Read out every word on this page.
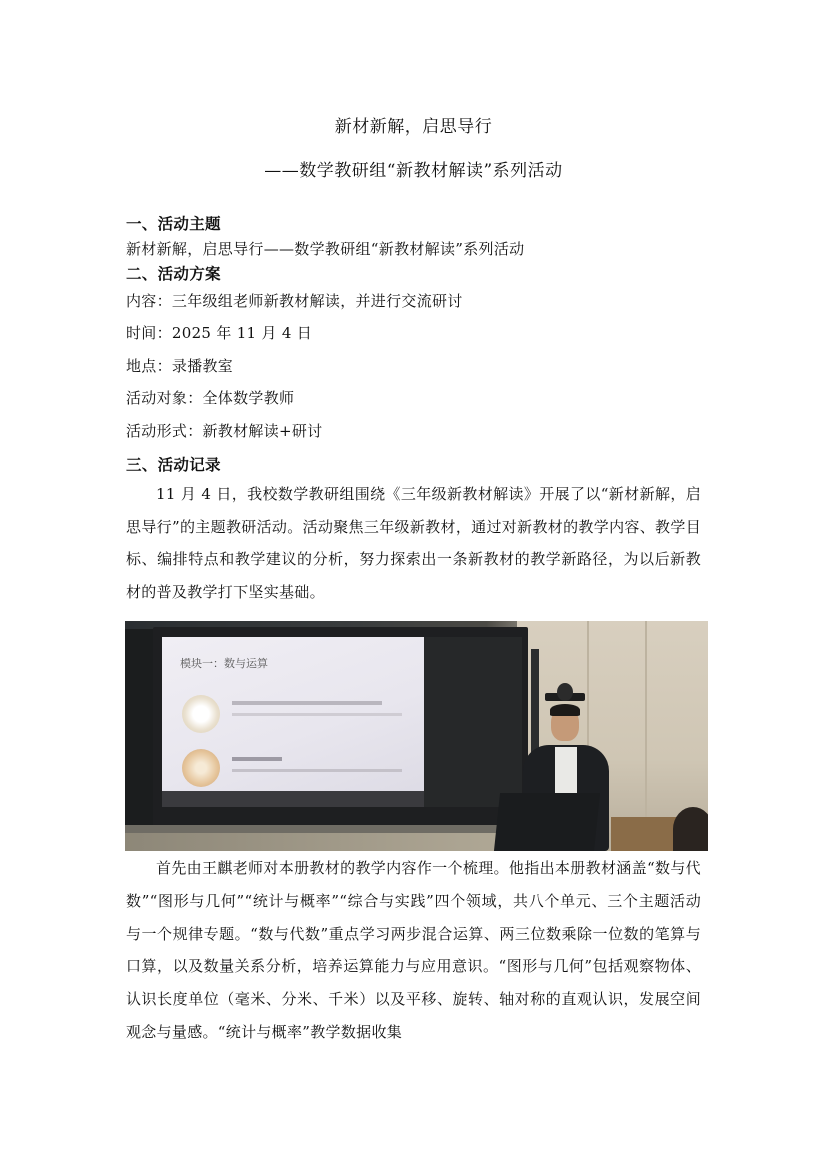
新材新解，启思导行
——数学教研组“新教材解读”系列活动
一、活动主题
新材新解，启思导行——数学教研组“新教材解读”系列活动
二、活动方案
内容：三年级组老师新教材解读，并进行交流研讨
时间：2025 年 11 月 4 日
地点：录播教室
活动对象：全体数学教师
活动形式：新教材解读+研讨
三、活动记录
11 月 4 日，我校数学教研组围绕《三年级新教材解读》开展了以“新材新解，启思导行”的主题教研活动。活动聚焦三年级新教材，通过对新教材的教学内容、教学目标、编排特点和教学建议的分析，努力探索出一条新教材的教学新路径，为以后新教材的普及教学打下坚实基础。
模块一：数与运算
首先由王麒老师对本册教材的教学内容作一个梳理。他指出本册教材涵盖“数与代数”“图形与几何”“统计与概率”“综合与实践”四个领域，共八个单元、三个主题活动与一个规律专题。“数与代数”重点学习两步混合运算、两三位数乘除一位数的笔算与口算，以及数量关系分析，培养运算能力与应用意识。“图形与几何”包括观察物体、认识长度单位（毫米、分米、千米）以及平移、旋转、轴对称的直观认识，发展空间观念与量感。“统计与概率”教学数据收集
